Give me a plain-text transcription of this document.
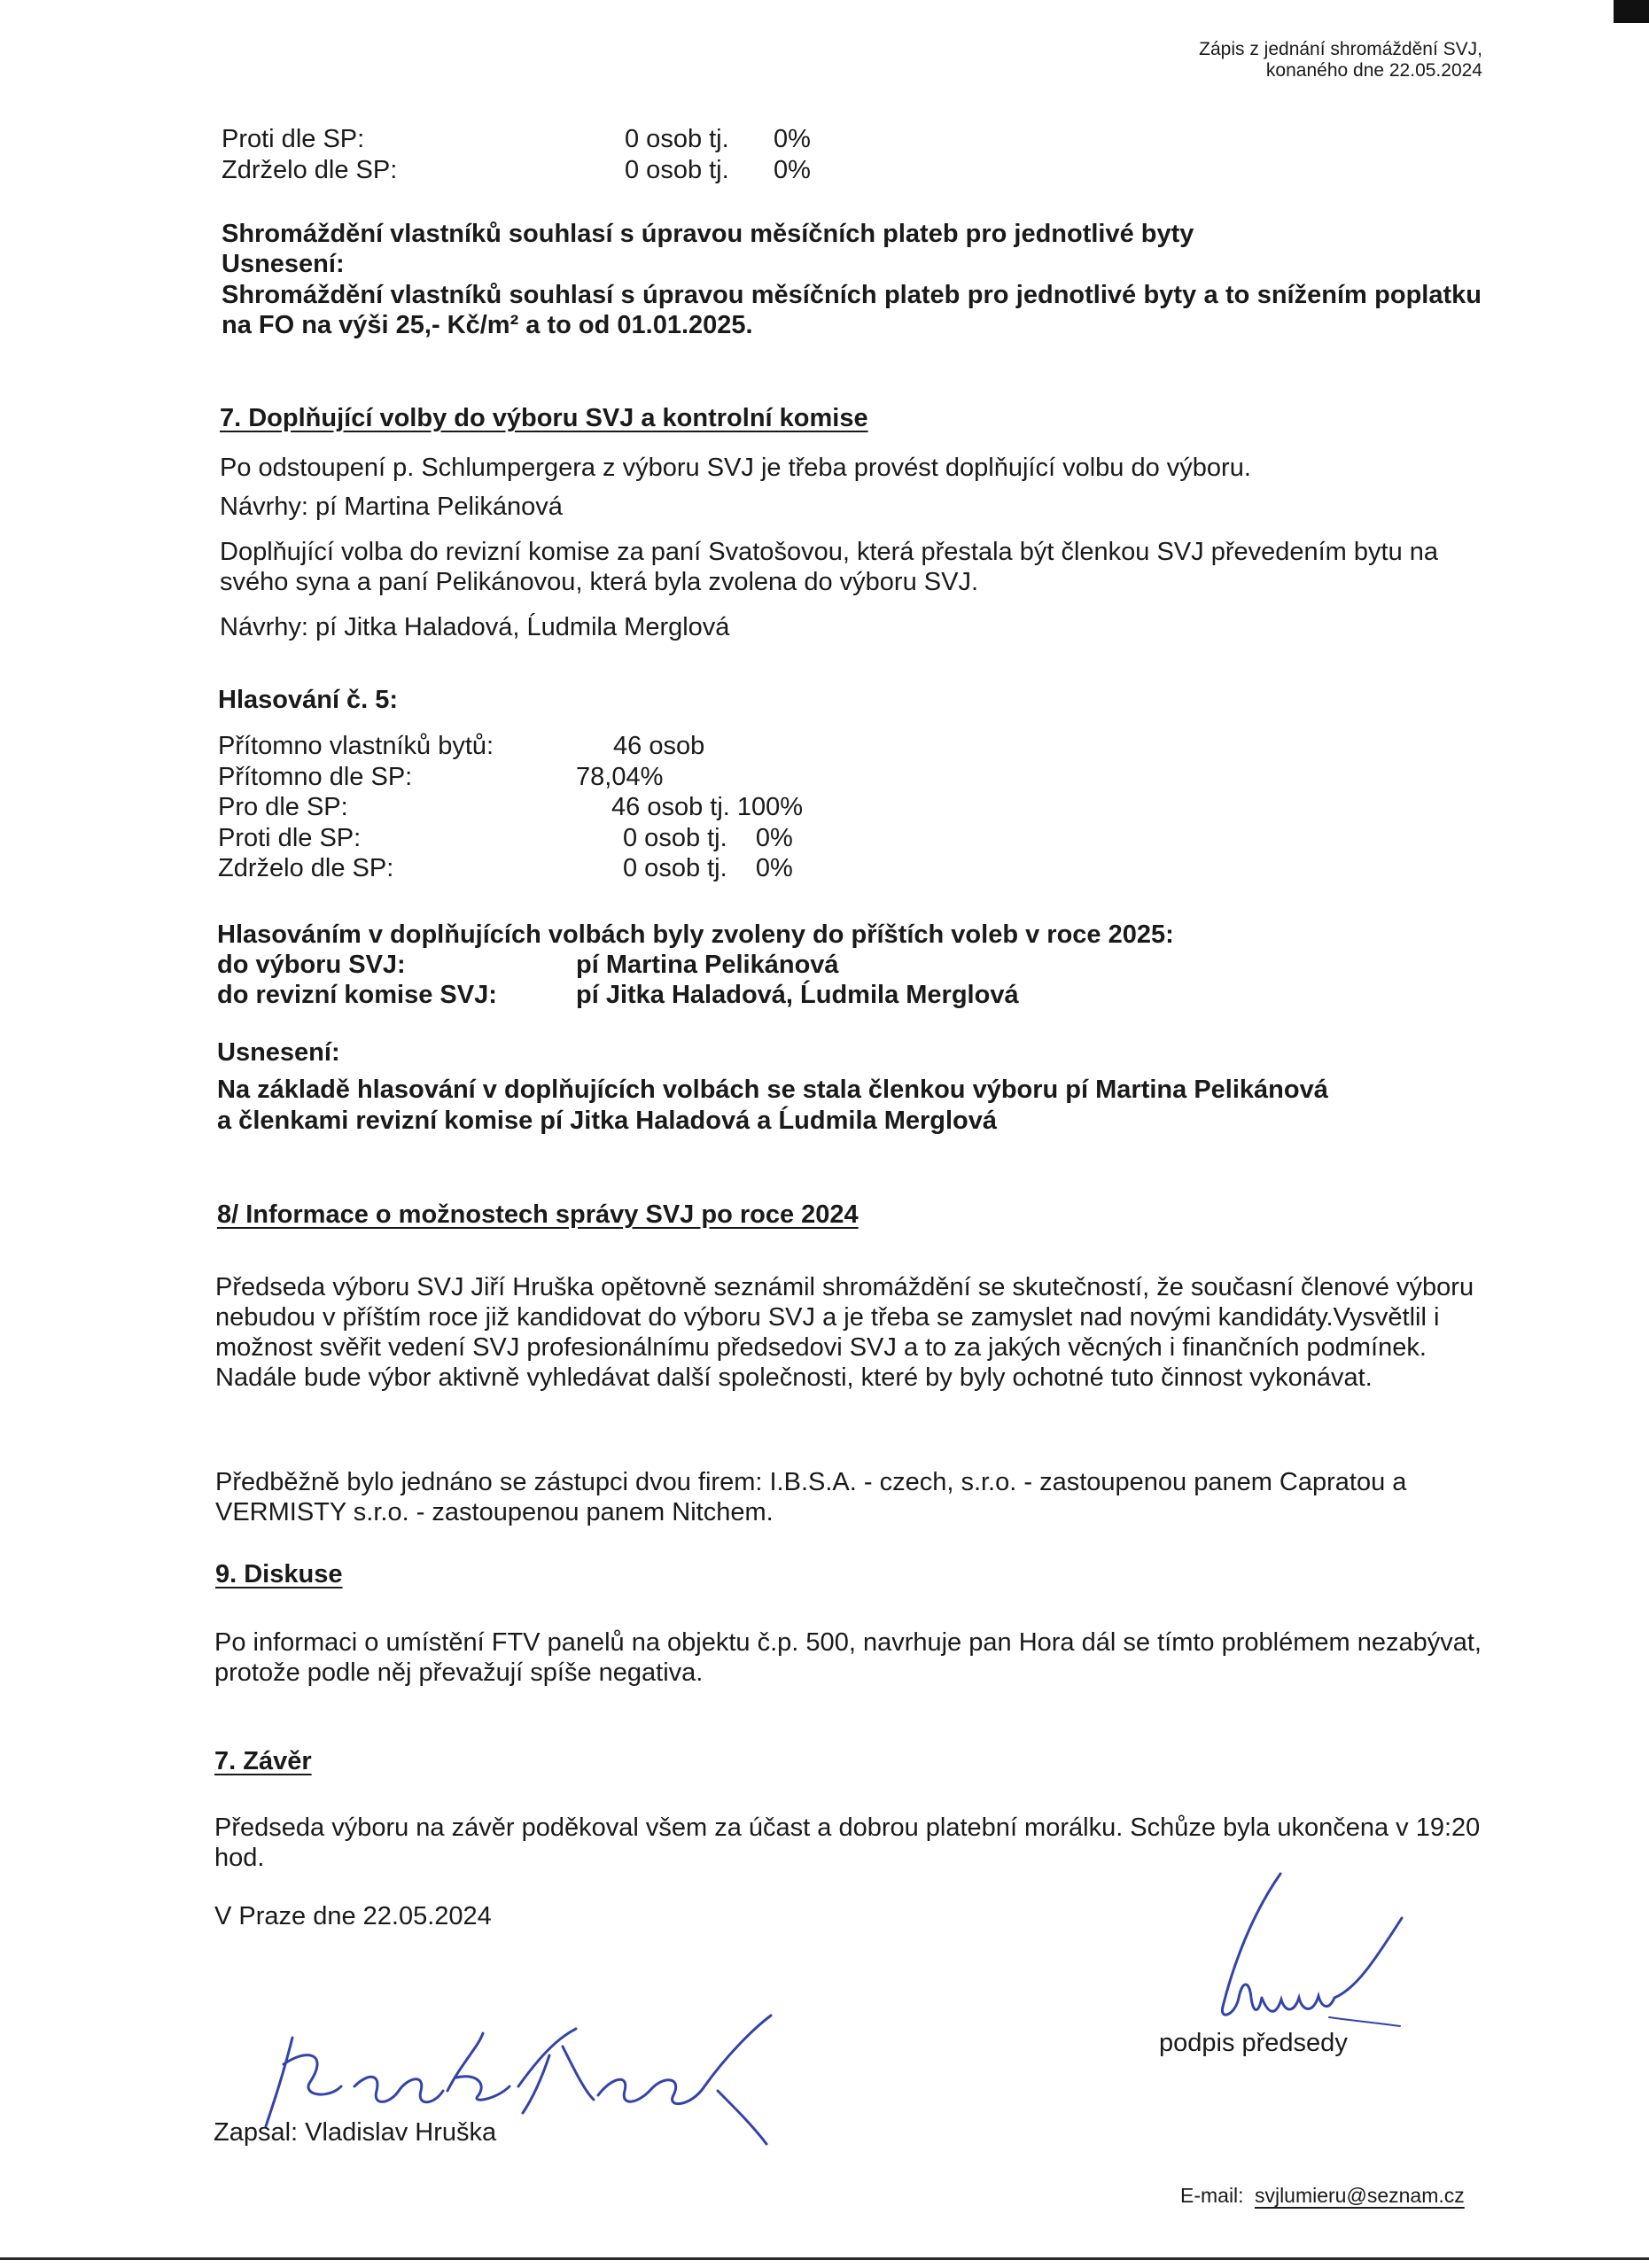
Zápis z jednání shromáždění SVJ,
konaného dne 22.05.2024
Proti dle SP:	0 osob tj. 0%
Zdrželo dle SP:	0 osob tj. 0%
Shromáždění vlastníků souhlasí s úpravou měsíčních plateb pro jednotlivé byty
Usnesení:
Shromáždění vlastníků souhlasí s úpravou měsíčních plateb pro jednotlivé byty a to snížením poplatku na FO na výši 25,- Kč/m² a to od 01.01.2025.
7. Doplňující volby do výboru SVJ a kontrolní komise
Po odstoupení p. Schlumpergera z výboru SVJ je třeba provést doplňující volbu do výboru.
Návrhy: pí Martina Pelikánová
Doplňující volba do revizní komise za paní Svatošovou, která přestala být členkou SVJ převedením bytu na svého syna a paní Pelikánovou, která byla zvolena do výboru SVJ.
Návrhy: pí Jitka Haladová, Ĺudmila Merglová
Hlasování č. 5:
Přítomno vlastníků bytů:	46 osob
Přítomno dle SP:	78,04%
Pro dle SP:	46 osob tj. 100%
Proti dle SP:	0 osob tj.    0%
Zdrželo dle SP:	0 osob tj.    0%
Hlasováním v doplňujících volbách byly zvoleny do příštích voleb v roce 2025:
do výboru SVJ:	pí Martina Pelikánová
do revizní komise SVJ:	pí Jitka Haladová, Ĺudmila Merglová
Usnesení:
Na základě hlasování v doplňujících volbách se stala členkou výboru pí Martina Pelikánová
a členkami revizní komise pí Jitka Haladová a Ĺudmila Merglová
8/ Informace o možnostech správy SVJ po roce 2024
Předseda výboru SVJ Jiří Hruška opětovně seznámil shromáždění se skutečností, že současní členové výboru nebudou v příštím roce již kandidovat do výboru SVJ a je třeba se zamyslet nad novými kandidáty.Vysvětlil i možnost svěřit vedení SVJ profesionálnímu předsedovi SVJ a to za jakých věcných i finančních podmínek. Nadále bude výbor aktivně vyhledávat další společnosti, které by byly ochotné tuto činnost vykonávat.
Předběžně bylo jednáno se zástupci dvou firem: I.B.S.A. - czech, s.r.o. - zastoupenou panem Capratou a VERMISTY s.r.o. - zastoupenou panem Nitchem.
9. Diskuse
Po informaci o umístění FTV panelů na objektu č.p. 500, navrhuje pan Hora dál se tímto problémem nezabývat, protože podle něj převažují spíše negativa.
7. Závěr
Předseda výboru na závěr poděkoval všem za účast a dobrou platební morálku. Schůze byla ukončena v 19:20 hod.
V Praze dne 22.05.2024
podpis předsedy
Zapsal: Vladislav Hruška
E-mail: svjlumieru@seznam.cz
